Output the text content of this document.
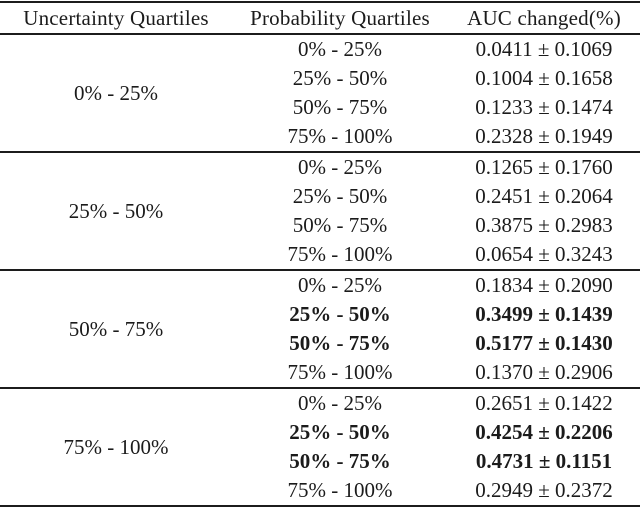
Uncertainty Quartiles	Probability Quartiles	AUC changed(%)
0% - 25%	0% - 25%	0.0411 ± 0.1069
	25% - 50%	0.1004 ± 0.1658
	50% - 75%	0.1233 ± 0.1474
	75% - 100%	0.2328 ± 0.1949
25% - 50%	0% - 25%	0.1265 ± 0.1760
	25% - 50%	0.2451 ± 0.2064
	50% - 75%	0.3875 ± 0.2983
	75% - 100%	0.0654 ± 0.3243
50% - 75%	0% - 25%	0.1834 ± 0.2090
	25% - 50%	0.3499 ± 0.1439
	50% - 75%	0.5177 ± 0.1430
	75% - 100%	0.1370 ± 0.2906
75% - 100%	0% - 25%	0.2651 ± 0.1422
	25% - 50%	0.4254 ± 0.2206
	50% - 75%	0.4731 ± 0.1151
	75% - 100%	0.2949 ± 0.2372
